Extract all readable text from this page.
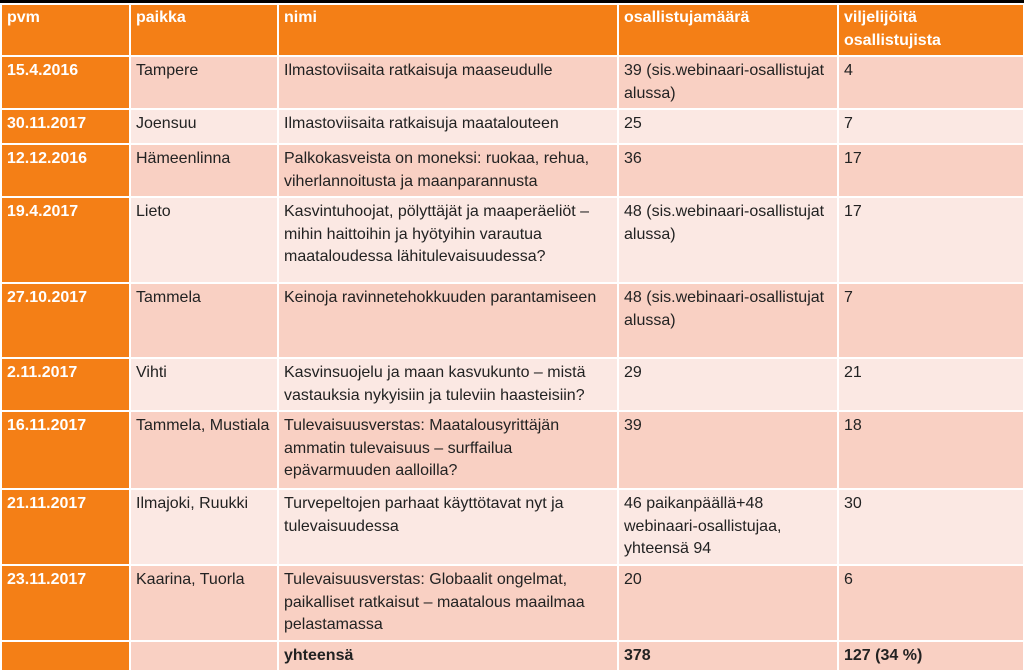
pvm	paikka	nimi	osallistujamäärä	viljelijöitä osallistujista
15.4.2016	Tampere	Ilmastoviisaita ratkaisuja maaseudulle	39 (sis.webinaari-osallistujat alussa)	4
30.11.2017	Joensuu	Ilmastoviisaita ratkaisuja maatalouteen	25	7
12.12.2016	Hämeenlinna	Palkokasveista on moneksi: ruokaa, rehua, viherlannoitusta ja maanparannusta	36	17
19.4.2017	Lieto	Kasvintuhoojat, pölyttäjät ja maaperäeliöt – mihin haittoihin ja hyötyihin varautua maataloudessa lähitulevaisuudessa?	48 (sis.webinaari-osallistujat alussa)	17
27.10.2017	Tammela	Keinoja ravinnetehokkuuden parantamiseen	48 (sis.webinaari-osallistujat alussa)	7
2.11.2017	Vihti	Kasvinsuojelu ja maan kasvukunto – mistä vastauksia nykyisiin ja tuleviin haasteisiin?	29	21
16.11.2017	Tammela, Mustiala	Tulevaisuusverstas: Maatalousyrittäjän ammatin tulevaisuus – surffailua epävarmuuden aalloilla?	39	18
21.11.2017	Ilmajoki, Ruukki	Turvepeltojen parhaat käyttötavat nyt ja tulevaisuudessa	46 paikanpäällä+48 webinaari-osallistujaa, yhteensä 94	30
23.11.2017	Kaarina, Tuorla	Tulevaisuusverstas: Globaalit ongelmat, paikalliset ratkaisut – maatalous maailmaa pelastamassa	20	6
		yhteensä	378	127 (34 %)
